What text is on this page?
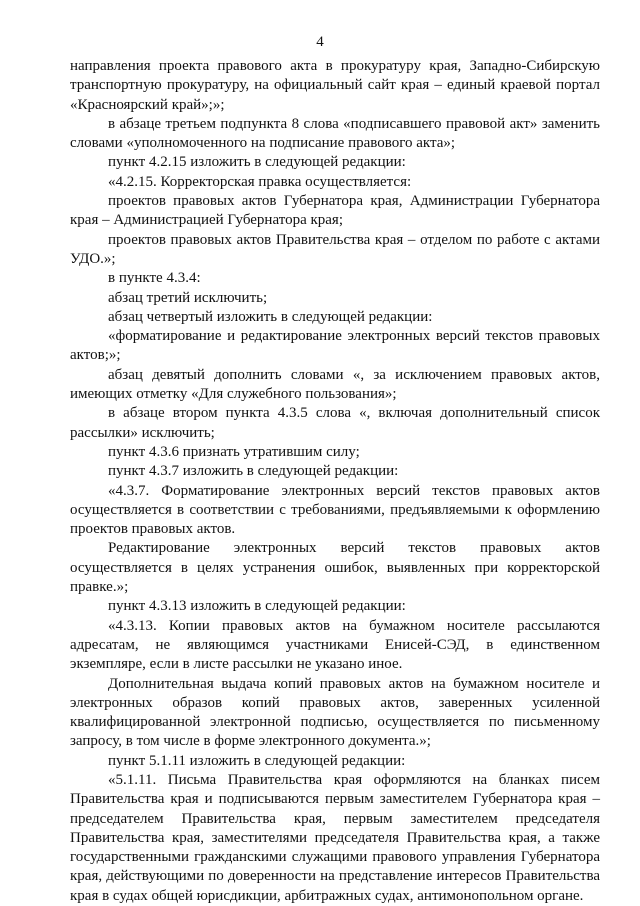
4

направления проекта правового акта в прокуратуру края, Западно-Сибирскую транспортную прокуратуру, на официальный сайт края – единый краевой портал «Красноярский край»;»;

в абзаце третьем подпункта 8 слова «подписавшего правовой акт» заменить словами «уполномоченного на подписание правового акта»;

пункт 4.2.15 изложить в следующей редакции:

«4.2.15. Корректорская правка осуществляется:

проектов правовых актов Губернатора края, Администрации Губернатора края – Администрацией Губернатора края;

проектов правовых актов Правительства края – отделом по работе с актами УДО.»;

в пункте 4.3.4:

абзац третий исключить;

абзац четвертый изложить в следующей редакции:

«форматирование и редактирование электронных версий текстов правовых актов;»;

абзац девятый дополнить словами «, за исключением правовых актов, имеющих отметку «Для служебного пользования»;

в абзаце втором пункта 4.3.5 слова «, включая дополнительный список рассылки» исключить;

пункт 4.3.6 признать утратившим силу;

пункт 4.3.7 изложить в следующей редакции:

«4.3.7. Форматирование электронных версий текстов правовых актов осуществляется в соответствии с требованиями, предъявляемыми к оформлению проектов правовых актов.

Редактирование электронных версий текстов правовых актов осуществляется в целях устранения ошибок, выявленных при корректорской правке.»;

пункт 4.3.13 изложить в следующей редакции:

«4.3.13. Копии правовых актов на бумажном носителе рассылаются адресатам, не являющимся участниками Енисей-СЭД, в единственном экземпляре, если в листе рассылки не указано иное.

Дополнительная выдача копий правовых актов на бумажном носителе и электронных образов копий правовых актов, заверенных усиленной квалифицированной электронной подписью, осуществляется по письменному запросу, в том числе в форме электронного документа.»;

пункт 5.1.11 изложить в следующей редакции:

«5.1.11. Письма Правительства края оформляются на бланках писем Правительства края и подписываются первым заместителем Губернатора края – председателем Правительства края, первым заместителем председателя Правительства края, заместителями председателя Правительства края, а также государственными гражданскими служащими правового управления Губернатора края, действующими по доверенности на представление интересов Правительства края в судах общей юрисдикции, арбитражных судах, антимонопольном органе.
